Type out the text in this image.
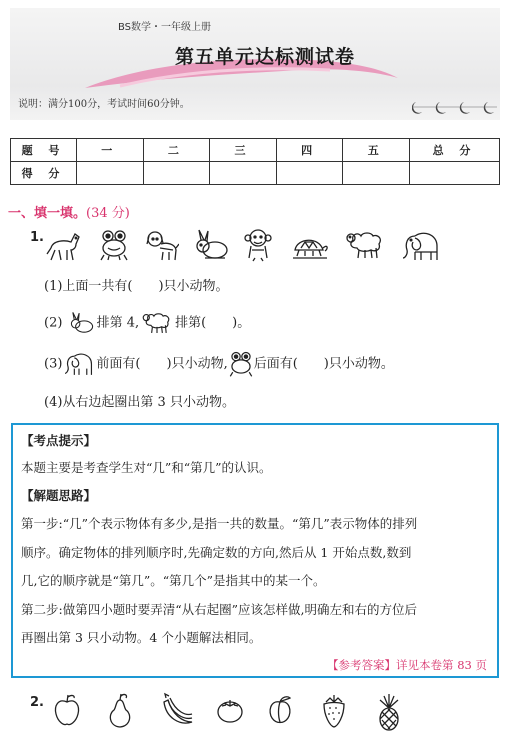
BS数学・一年级上册
第五单元达标测试卷
说明：满分100分，考试时间60分钟。
题 号	一	二	三	四	五	总 分
得 分						
一、填一填。(34 分)
1.
(1)上面一共有(　　)只小动物。
(2)	排第 4,	排第(　　)。
(3)	前面有(　　)只小动物, 后面有(　　)只小动物。
(4)从右边起圈出第 3 只小动物。
【考点提示】
本题主要是考查学生对“几”和“第几”的认识。
【解题思路】
第一步:“几”个表示物体有多少,是指一共的数量。“第几”表示物体的排列
顺序。确定物体的排列顺序时,先确定数的方向,然后从 1 开始点数,数到
几,它的顺序就是“第几”。“第几个”是指其中的某一个。
第二步:做第四小题时要弄清“从右起圈”应该怎样做,明确左和右的方位后
再圈出第 3 只小动物。4 个小题解法相同。
【参考答案】详见本卷第 83 页
2.
